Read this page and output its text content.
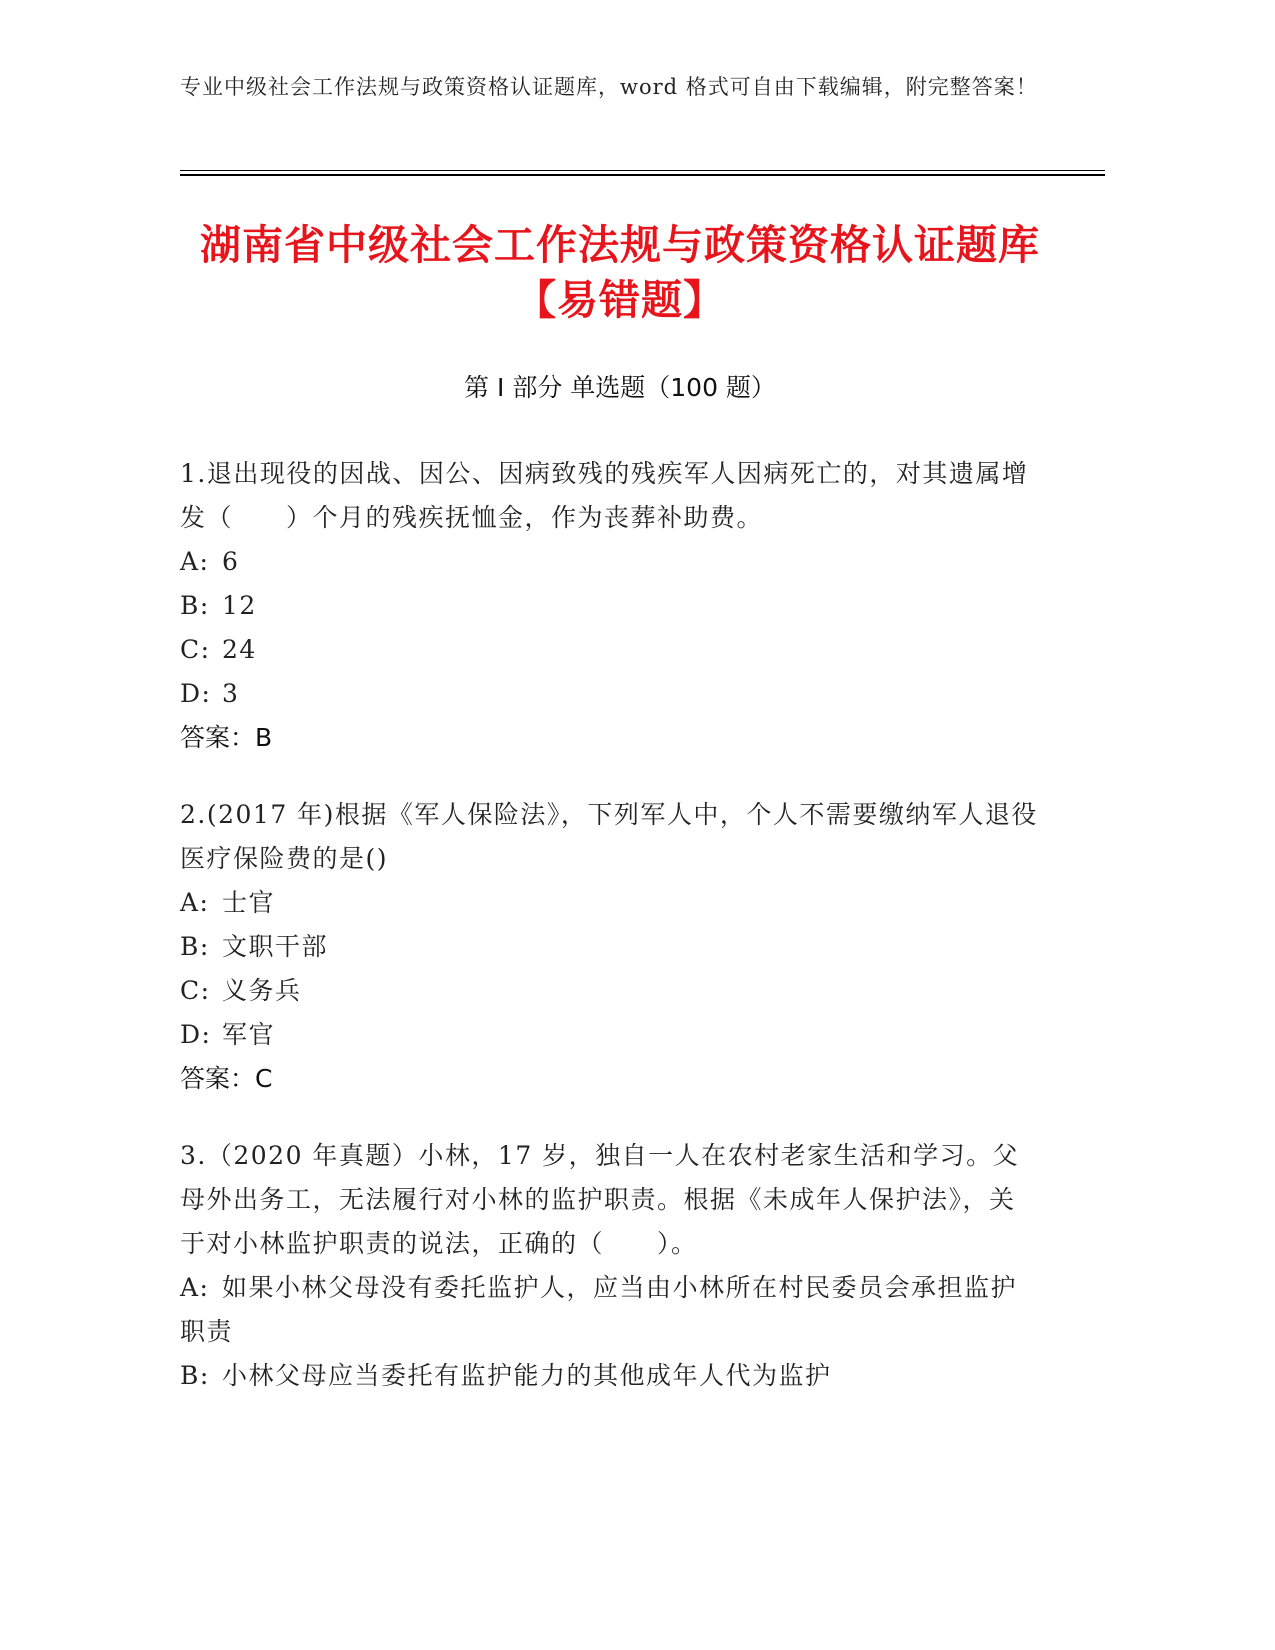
专业中级社会工作法规与政策资格认证题库，word 格式可自由下载编辑，附完整答案！
湖南省中级社会工作法规与政策资格认证题库【易错题】
第 I 部分 单选题（100 题）
1.退出现役的因战、因公、因病致残的残疾军人因病死亡的，对其遗属增发（　　）个月的残疾抚恤金，作为丧葬补助费。
A: 6
B: 12
C: 24
D: 3
答案：B
2.(2017 年)根据《军人保险法》，下列军人中，个人不需要缴纳军人退役医疗保险费的是()
A: 士官
B: 文职干部
C: 义务兵
D: 军官
答案：C
3.（2020 年真题）小林，17 岁，独自一人在农村老家生活和学习。父母外出务工，无法履行对小林的监护职责。根据《未成年人保护法》，关于对小林监护职责的说法，正确的（　　）。
A: 如果小林父母没有委托监护人，应当由小林所在村民委员会承担监护职责
B: 小林父母应当委托有监护能力的其他成年人代为监护
